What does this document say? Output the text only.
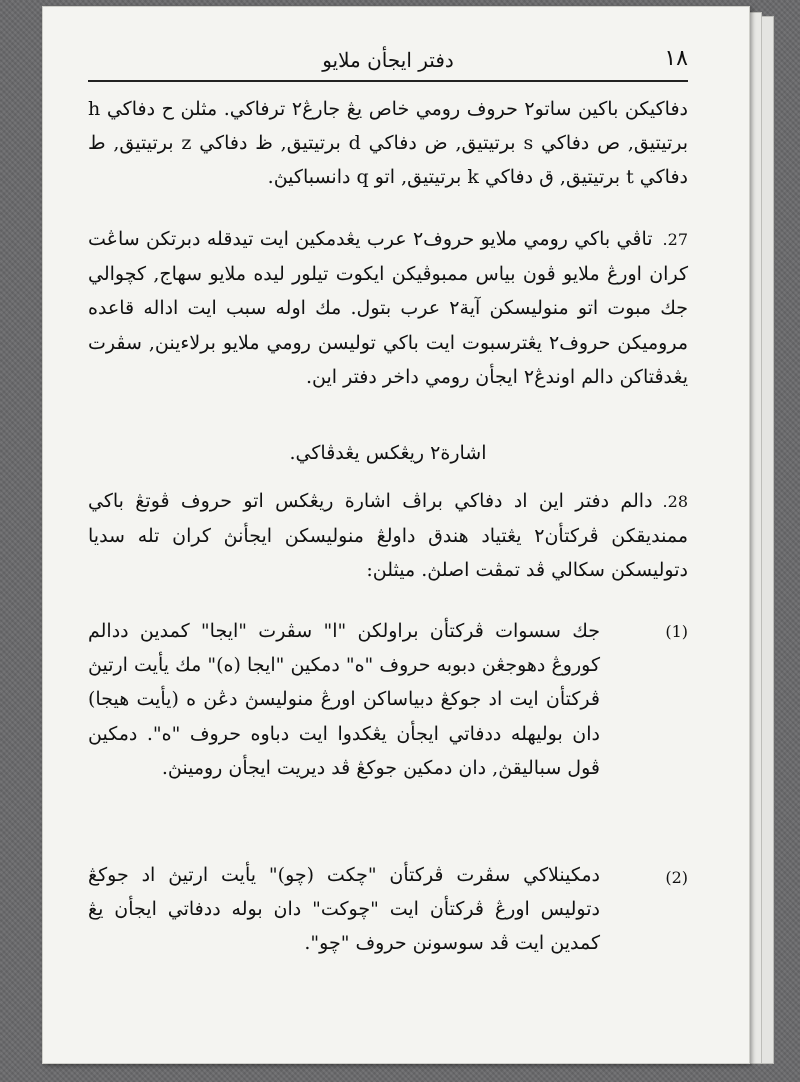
١٨
دفتر ايجأن ملايو
دفاكيكن باكين ساتو٢ حروف رومي خاص يڠ جارڠ٢ ترفاكي. مثلن ح دفاكي h برتيتيق, ص دفاكي s برتيتيق, ض دفاكي d برتيتيق, ظ دفاكي z برتيتيق, ط دفاكي t برتيتيق, ق دفاكي k برتيتيق, اتو q دانسباکيڽ.
27.تاڤي باكي رومي ملايو حروف٢ عرب يڠدمكين ايت تيدقله دبرتكن ساڠت كران اورڠ ملايو ڤون بياس ممبوڤيكن ايكوت تيلور ليده ملايو سهاج, كچوالي جك مبوت اتو منوليسكن آية٢ عرب بتول. مك اوله سبب ايت اداله قاعده مروميكن حروف٢ يڠترسبوت ايت باكي توليسن رومي ملايو برلاءينن, سڤرت يڠدڤتاكن دالم اوندڠ٢ ايجأن رومي داخر دفتر اين.
اشارة٢ ريڠكس يڠدڤاكي.
28.دالم دفتر اين اد دفاكي براڤ اشارة ريڠكس اتو حروف ڤوتڠ باكي ممنديقكن ڤركتأن٢ يڠتياد هندق داولڠ منوليسكن ايجأنڽ كران تله سديا دتوليسكن سكالي ڤد تمڤت اصلڽ. ميثلن:
(1)
جك سسوات ڤركتأن براولكن "ا" سڤرت "ايجا" كمدين ددالم كوروڠ دهوجڠن دبوبه حروف "ه" دمكين "ايجا (ه)" مك يأيت ارتيڽ ڤركتأن ايت اد جوكڠ دبياساكن اورڠ منوليسڽ دڠن ه (يأيت هيجا) دان بوليهله ددفاتي ايجأن يڠكدوا ايت دباوه حروف "ه". دمكين ڤول سباليقڽ, دان دمكين جوكڠ ڤد ديريت ايجأن رومينڽ.
(2)
دمكينلاكي سڤرت ڤركتأن "چكت (چو)" يأيت ارتيڽ اد جوكڠ دتوليس اورڠ ڤركتأن ايت "چوكت" دان بوله ددفاتي ايجأن يڠ كمدين ايت ڤد سوسونن حروف "چو".
